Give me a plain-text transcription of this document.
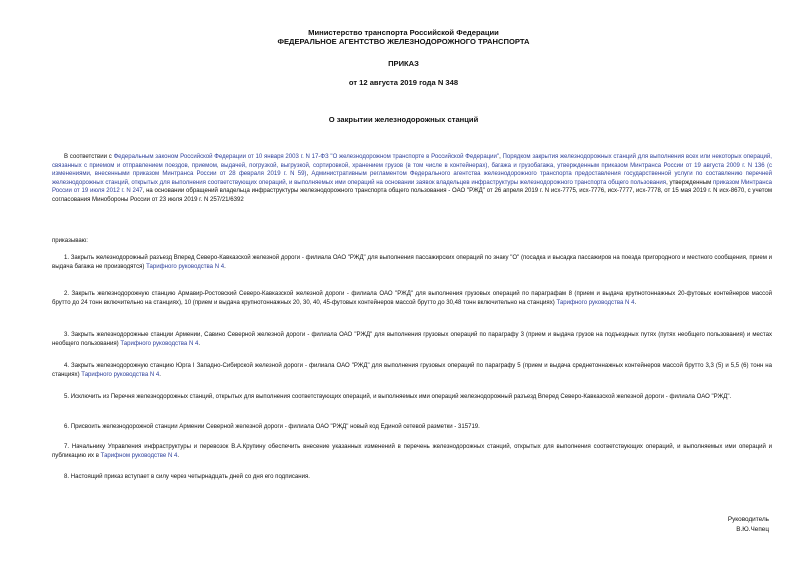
Министерство транспорта Российской Федерации
ФЕДЕРАЛЬНОЕ АГЕНТСТВО ЖЕЛЕЗНОДОРОЖНОГО ТРАНСПОРТА
ПРИКАЗ
от 12 августа 2019 года N 348
О закрытии железнодорожных станций
В соответствии с Федеральным законом Российской Федерации от 10 января 2003 г. N 17-ФЗ "О железнодорожном транспорте в Российской Федерации", Порядком закрытия железнодорожных станций для выполнения всех или некоторых операций, связанных с приемом и отправлением поездов, приемом, выдачей, погрузкой, выгрузкой, сортировкой, хранением грузов (в том числе в контейнерах), багажа и грузобагажа, утвержденным приказом Минтранса России от 19 августа 2009 г. N 136 (с изменениями, внесенными приказом Минтранса России от 28 февраля 2019 г. N 59), Административным регламентом Федерального агентства железнодорожного транспорта предоставления государственной услуги по составлению перечней железнодорожных станций, открытых для выполнения соответствующих операций, и выполняемых ими операций на основании заявок владельцев инфраструктуры железнодорожного транспорта общего пользования, утвержденным приказом Минтранса России от 19 июля 2012 г. N 247, на основании обращений владельца инфраструктуры железнодорожного транспорта общего пользования - ОАО "РЖД" от 26 апреля 2019 г. N исх-7775, исх-7776, исх-7777, исх-7778, от 15 мая 2019 г. N исх-8670, с учетом согласования Минобороны России от 23 июля 2019 г. N 257/21/6392
приказываю:
1. Закрыть железнодорожный разъезд Вперед Северо-Кавказской железной дороги - филиала ОАО "РЖД" для выполнения пассажирских операций по знаку "О" (посадка и высадка пассажиров на поезда пригородного и местного сообщения, прием и выдача багажа не производятся) Тарифного руководства N 4.
2. Закрыть железнодорожную станцию Армавир-Ростовский Северо-Кавказской железной дороги - филиала ОАО "РЖД" для выполнения грузовых операций по параграфам 8 (прием и выдача крупнотоннажных 20-футовых контейнеров массой брутто до 24 тонн включительно на станциях), 10 (прием и выдача крупнотоннажных 20, 30, 40, 45-футовых контейнеров массой брутто до 30,48 тонн включительно на станциях) Тарифного руководства N 4.
3. Закрыть железнодорожные станции Армении, Савино Северной железной дороги - филиала ОАО "РЖД" для выполнения грузовых операций по параграфу 3 (прием и выдача грузов на подъездных путях (путях необщего пользования) и местах необщего пользования) Тарифного руководства N 4.
4. Закрыть железнодорожную станцию Юрга I Западно-Сибирской железной дороги - филиала ОАО "РЖД" для выполнения грузовых операций по параграфу 5 (прием и выдача среднетоннажных контейнеров массой брутто 3,3 (5) и 5,5 (6) тонн на станциях) Тарифного руководства N 4.
5. Исключить из Перечня железнодорожных станций, открытых для выполнения соответствующих операций, и выполняемых ими операций железнодорожный разъезд Вперед Северо-Кавказской железной дороги - филиала ОАО "РЖД".
6. Присвоить железнодорожной станции Армении Северной железной дороги - филиала ОАО "РЖД" новый код Единой сетевой разметки - 315719.
7. Начальнику Управления инфраструктуры и перевозок В.А.Крупину обеспечить внесение указанных изменений в перечень железнодорожных станций, открытых для выполнения соответствующих операций, и выполняемых ими операций и публикацию их в Тарифном руководстве N 4.
8. Настоящий приказ вступает в силу через четырнадцать дней со дня его подписания.
Руководитель
В.Ю.Чепец
